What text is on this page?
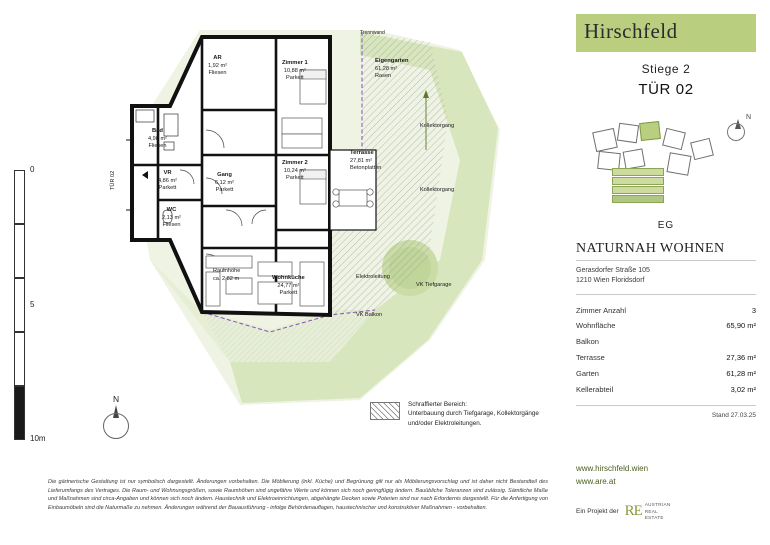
AR
1,92 m²
Fliesen
Bad
4,98 m²
Fliesen
VR
4,86 m²
Parkett
WC
2,13 m²
Fliesen
Gang
6,12 m²
Parkett
Zimmer 1
10,88 m²
Parkett
Zimmer 2
10,24 m²
Parkett
Wohnküche
24,77 m²
Parkett
Terrasse
27,81 m²
Betonplatten
Eigengarten
61,28 m²
Rasen
Raumhöhe
ca. 2,82 m
Kollektorgang
Kollektorgang
Trennwand
Elektroleitung
VK Tiefgarage
VK Balkon
TÜR 02
0
5
10m
N
Schraffierter Bereich:
Unterbauung durch Tiefgarage, Kollektorgänge und/oder Elektroleitungen.
Die gärtnerische Gestaltung ist nur symbolisch dargestellt. Änderungen vorbehalten. Die Möblierung (inkl. Küche) und Begrünung gilt nur als Möblierungsvorschlag und ist daher nicht Bestandteil des Lieferumfangs des Vertrages. Die Raum- und Wohnungsgrößen, sowie Raumhöhen sind ungefähre Werte und können sich noch geringfügig ändern. Bauübliche Toleranzen sind zulässig. Sämtliche Maße und Maßnahmen sind circa-Angaben und können sich noch ändern. Haustechnik und Elektroeinrichtungen, abgehängte Decken sowie Poterien sind nur nach Erfordernis dargestellt. Für die Anfertigung von Einbaumöbeln sind die Naturmaße zu nehmen. Änderungen während der Bauausführung - infolge Behördenauflagen, haustechnischer und konstruktiver Maßnahmen - vorbehalten.
Hirschfeld
Stiege 2
TÜR 02
N
EG
NATURNAH WOHNEN
Gerasdorfer Straße 105
1210 Wien Floridsdorf
Zimmer Anzahl	3
Wohnfläche	65,90 m²
Balkon
Terrasse	27,36 m²
Garten	61,28 m²
Kellerabteil	3,02 m²
Stand 27.03.25
www.hirschfeld.wien
www.are.at
Ein Projekt der RE AUSTRIAN
REAL
ESTATE
